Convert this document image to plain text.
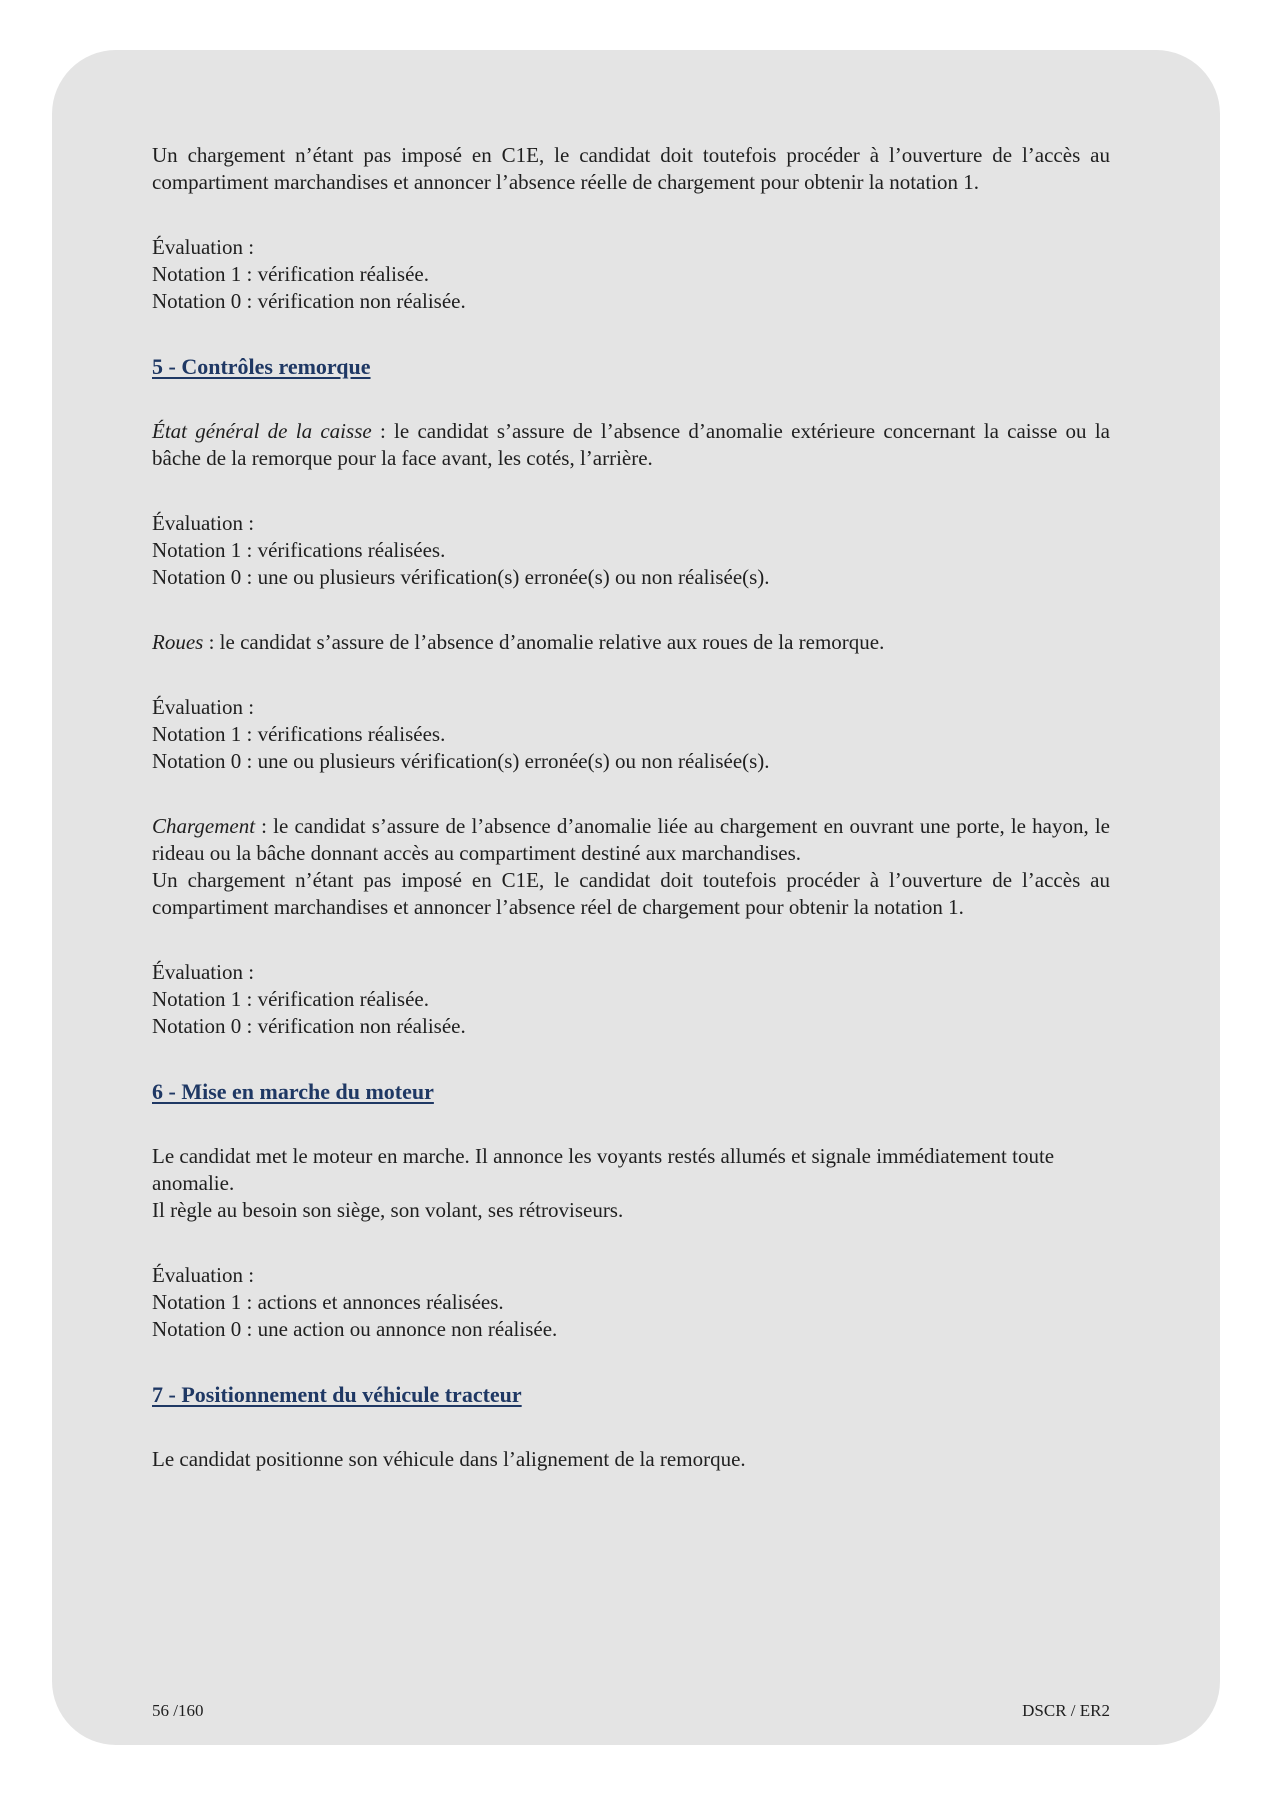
Un chargement n’étant pas imposé en C1E, le candidat doit toutefois procéder à l’ouverture de l’accès au compartiment marchandises et annoncer l’absence réelle de chargement pour obtenir la notation 1.
Évaluation :
Notation 1 : vérification réalisée.
Notation 0 : vérification non réalisée.
5 - Contrôles remorque
État général de la caisse : le candidat s’assure de l’absence d’anomalie extérieure concernant la caisse ou la bâche de la remorque pour la face avant, les cotés, l’arrière.
Évaluation :
Notation 1 : vérifications réalisées.
Notation 0 : une ou plusieurs vérification(s) erronée(s) ou non réalisée(s).
Roues : le candidat s’assure de l’absence d’anomalie relative aux roues de la remorque.
Évaluation :
Notation 1 : vérifications réalisées.
Notation 0 : une ou plusieurs vérification(s) erronée(s) ou non réalisée(s).
Chargement : le candidat s’assure de l’absence d’anomalie liée au chargement en ouvrant une porte, le hayon, le rideau ou la bâche donnant accès au compartiment destiné aux marchandises.
Un chargement n’étant pas imposé en C1E, le candidat doit toutefois procéder à l’ouverture de l’accès au compartiment marchandises et annoncer l’absence réel de chargement pour obtenir la notation 1.
Évaluation :
Notation 1 : vérification réalisée.
Notation 0 : vérification non réalisée.
6 - Mise en marche du moteur
Le candidat met le moteur en marche. Il annonce les voyants restés allumés et signale immédiatement toute anomalie.
Il règle au besoin son siège, son volant, ses rétroviseurs.
Évaluation :
Notation 1 : actions et annonces réalisées.
Notation 0 : une action ou annonce non réalisée.
7 - Positionnement du véhicule tracteur
Le candidat positionne son véhicule dans l’alignement de la remorque.
56 /160	DSCR / ER2
